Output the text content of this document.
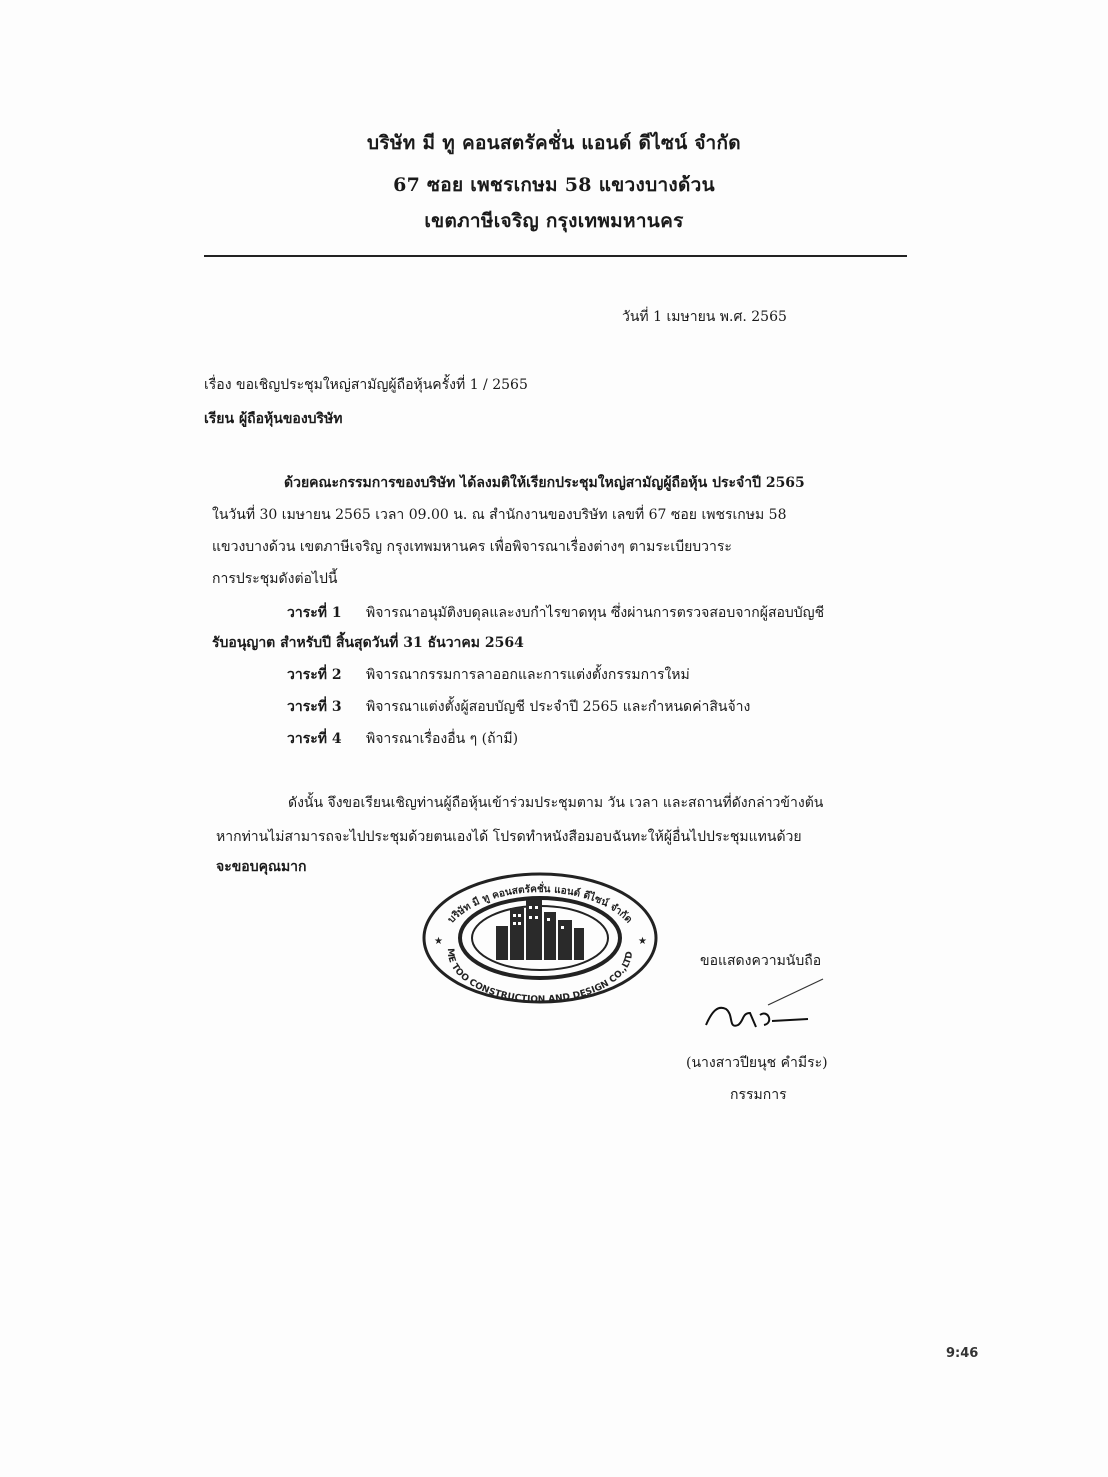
บริษัท มี ทู คอนสตรัคชั่น แอนด์ ดีไซน์ จำกัด
67 ซอย เพชรเกษม 58 แขวงบางด้วน
เขตภาษีเจริญ กรุงเทพมหานคร
วันที่ 1 เมษายน พ.ศ. 2565
เรื่อง ขอเชิญประชุมใหญ่สามัญผู้ถือหุ้นครั้งที่ 1 / 2565
เรียน ผู้ถือหุ้นของบริษัท
ด้วยคณะกรรมการของบริษัท ได้ลงมติให้เรียกประชุมใหญ่สามัญผู้ถือหุ้น ประจำปี 2565
ในวันที่ 30 เมษายน 2565 เวลา 09.00 น. ณ สำนักงานของบริษัท เลขที่ 67 ซอย เพชรเกษม 58
แขวงบางด้วน เขตภาษีเจริญ กรุงเทพมหานคร เพื่อพิจารณาเรื่องต่างๆ ตามระเบียบวาระ
การประชุมดังต่อไปนี้
วาระที่ 1 พิจารณาอนุมัติงบดุลและงบกำไรขาดทุน ซึ่งผ่านการตรวจสอบจากผู้สอบบัญชี
รับอนุญาต สำหรับปี สิ้นสุดวันที่ 31 ธันวาคม 2564
วาระที่ 2 พิจารณากรรมการลาออกและการแต่งตั้งกรรมการใหม่
วาระที่ 3 พิจารณาแต่งตั้งผู้สอบบัญชี ประจำปี 2565 และกำหนดค่าสินจ้าง
วาระที่ 4 พิจารณาเรื่องอื่น ๆ (ถ้ามี)
ดังนั้น จึงขอเรียนเชิญท่านผู้ถือหุ้นเข้าร่วมประชุมตาม วัน เวลา และสถานที่ดังกล่าวข้างต้น
หากท่านไม่สามารถจะไปประชุมด้วยตนเองได้ โปรดทำหนังสือมอบฉันทะให้ผู้อื่นไปประชุมแทนด้วย
จะขอบคุณมาก
บริษัท มี ทู คอนสตรัคชั่น แอนด์ ดีไซน์ จำกัด
ME TOO CONSTRUCTION AND DESIGN CO.,LTD
★	★
ขอแสดงความนับถือ
(นางสาวปียนุช คำมีระ)
กรรมการ
9:46
